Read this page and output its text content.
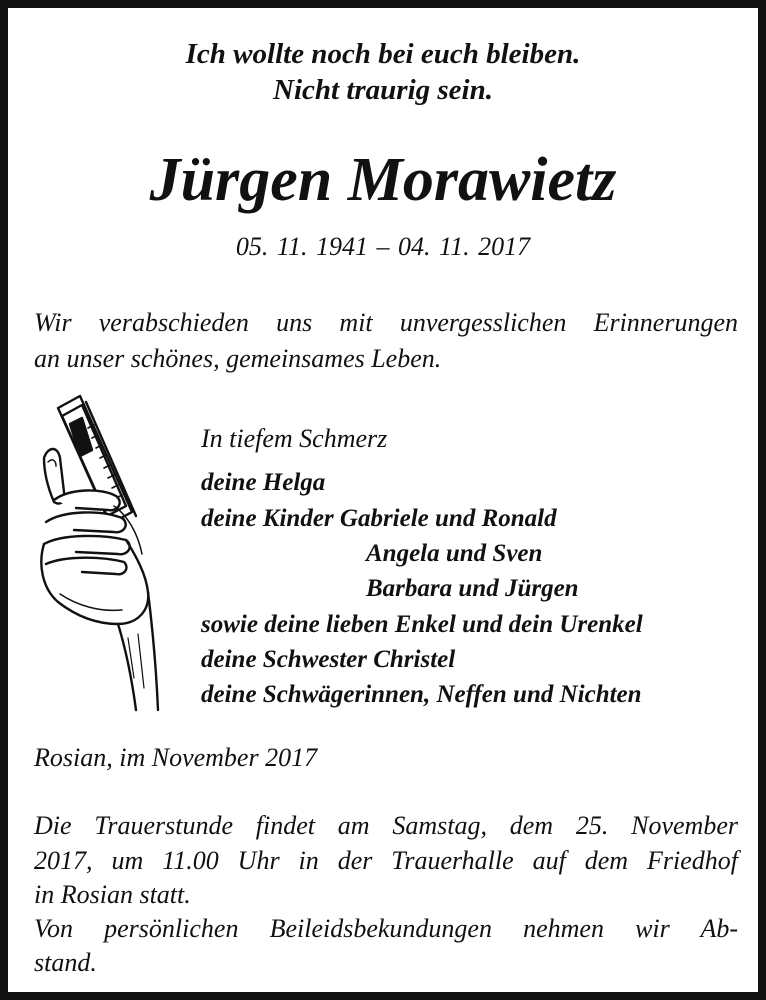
Ich wollte noch bei euch bleiben.

Nicht traurig sein.

Jürgen Morawietz
05. 11. 1941 – 04. 11. 2017

Wir verabschieden uns mit unvergesslichen Erinnerungen

an unser schönes, gemeinsames Leben.

In tiefem Schmerz

deine Helga

deine Kinder Gabriele und Ronald

Angela und Sven

Barbara und Jürgen

sowie deine lieben Enkel und dein Urenkel

deine Schwester Christel

deine Schwägerinnen, Neffen und Nichten

Rosian, im November 2017

Die Trauerstunde findet am Samstag, dem 25. November

2017, um 11.00 Uhr in der Trauerhalle auf dem Friedhof

in Rosian statt.

Von persönlichen Beileidsbekundungen nehmen wir Ab-

stand.
